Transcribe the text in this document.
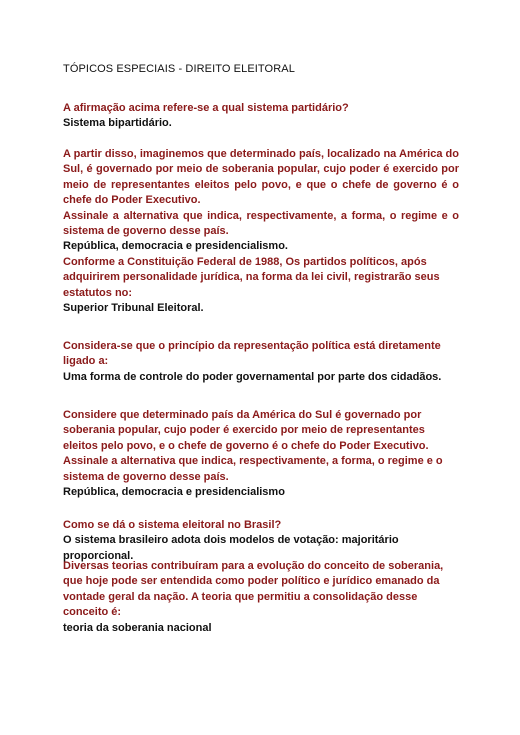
TÓPICOS ESPECIAIS - DIREITO ELEITORAL
A afirmação acima refere-se a qual sistema partidário?
Sistema bipartidário.
A partir disso, imaginemos que determinado país, localizado na América do Sul, é governado por meio de soberania popular, cujo poder é exercido por meio de representantes eleitos pelo povo, e que o chefe de governo é o chefe do Poder Executivo.
Assinale a alternativa que indica, respectivamente, a forma, o regime e o sistema de governo desse país.
República, democracia e presidencialismo.
Conforme a Constituição Federal de 1988, Os partidos políticos, após adquirirem personalidade jurídica, na forma da lei civil, registrarão seus estatutos no:
Superior Tribunal Eleitoral.
Considera-se que o princípio da representação política está diretamente ligado a:
Uma forma de controle do poder governamental por parte dos cidadãos.
Considere que determinado país da América do Sul é governado por soberania popular, cujo poder é exercido por meio de representantes eleitos pelo povo, e o chefe de governo é o chefe do Poder Executivo. Assinale a alternativa que indica, respectivamente, a forma, o regime e o sistema de governo desse país.
República, democracia e presidencialismo
Como se dá o sistema eleitoral no Brasil?
O sistema brasileiro adota dois modelos de votação: majoritário proporcional.
Diversas teorias contribuíram para a evolução do conceito de soberania, que hoje pode ser entendida como poder político e jurídico emanado da vontade geral da nação. A teoria que permitiu a consolidação desse conceito é:
teoria da soberania nacional
